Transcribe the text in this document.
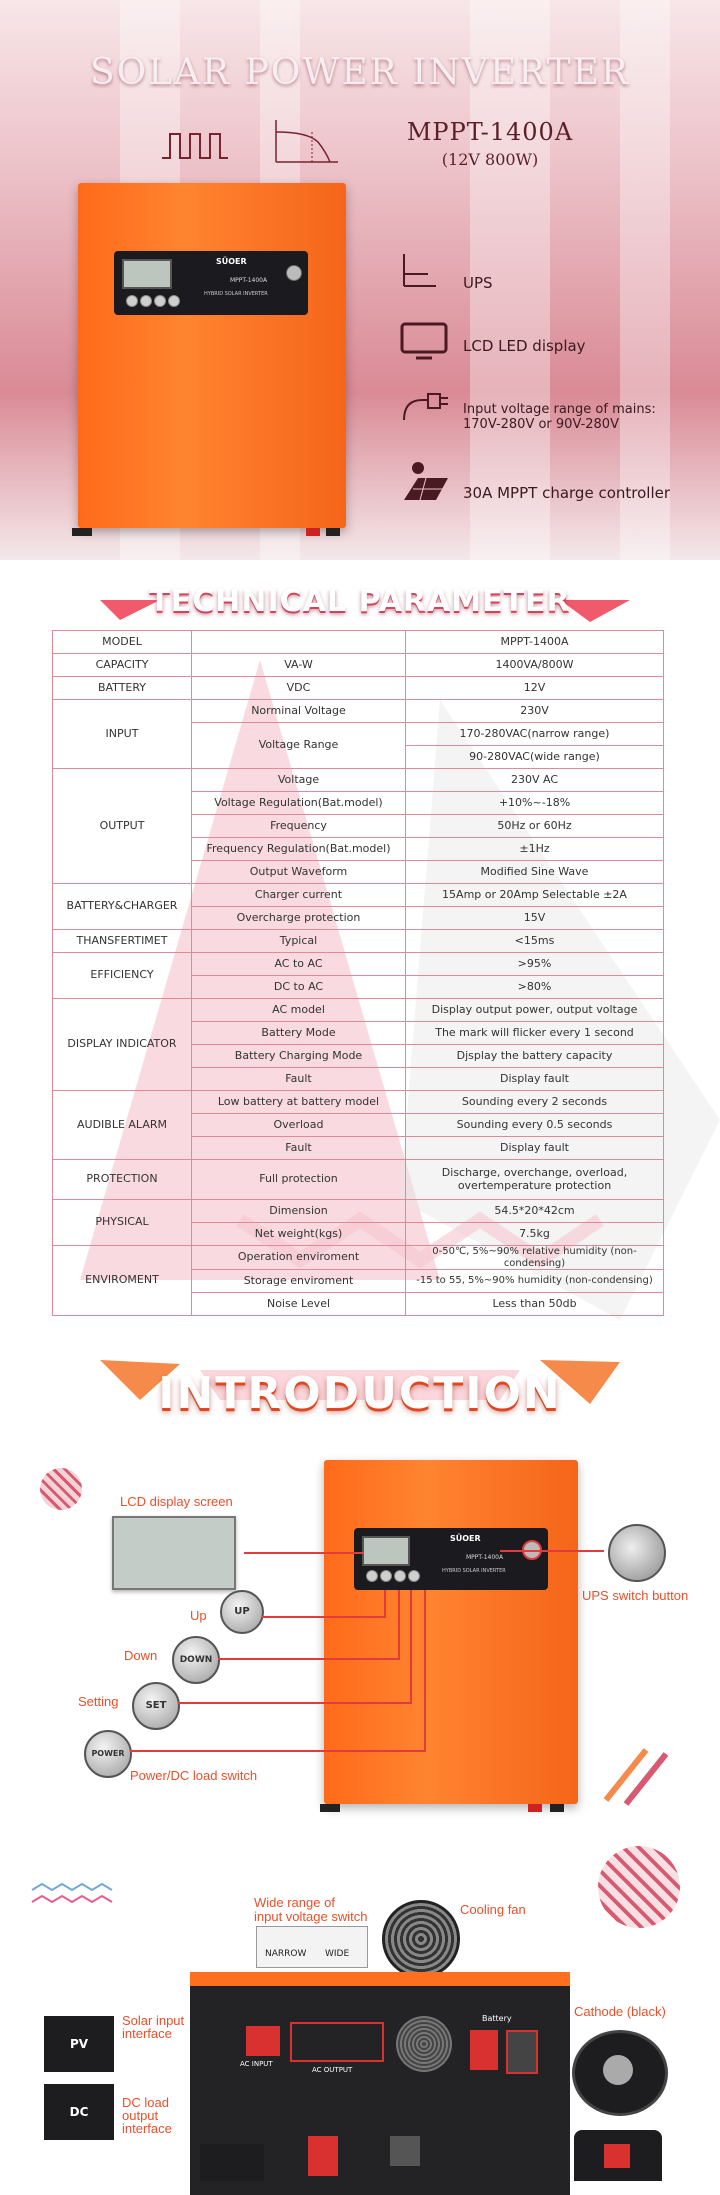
SOLAR POWER INVERTER
MPPT-1400A
(12V 800W)
SÜOER
MPPT-1400A
HYBRID SOLAR INVERTER
UPS
LCD LED display
Input voltage range of mains:
170V-280V or 90V-280V
30A MPPT charge controller
TECHNICAL PARAMETER
MODEL		MPPT-1400A
CAPACITY	VA-W	1400VA/800W
BATTERY	VDC	12V
INPUT	Norminal Voltage	230V
	Voltage Range	170-280VAC(narrow range)
		90-280VAC(wide range)
OUTPUT	Voltage	230V AC
	Voltage Regulation(Bat.model)	+10%~-18%
	Frequency	50Hz or 60Hz
	Frequency Regulation(Bat.model)	±1Hz
	Output Waveform	Modified Sine Wave
BATTERY&CHARGER	Charger current	15Amp or 20Amp Selectable ±2A
	Overcharge protection	15V
THANSFERTIMET	Typical	<15ms
EFFICIENCY	AC to AC	>95%
	DC to AC	>80%
DISPLAY INDICATOR	AC model	Display output power, output voltage
	Battery Mode	The mark will flicker every 1 second
	Battery Charging Mode	Djsplay the battery capacity
	Fault	Display fault
AUDIBLE ALARM	Low battery at battery model	Sounding every 2 seconds
	Overload	Sounding every 0.5 seconds
	Fault	Display fault
PROTECTION	Full protection	Discharge, overchange, overload,
overtemperature protection
PHYSICAL	Dimension	54.5*20*42cm
	Net weight(kgs)	7.5kg
ENVIROMENT	Operation enviroment	0-50℃, 5%~90% relative humidity (non-condensing)
	Storage enviroment	-15 to 55, 5%~90% humidity (non-condensing)
	Noise Level	Less than 50db
INTRODUCTION
SÜOER
MPPT-1400A
HYBRID SOLAR INVERTER
LCD display screen
UPS switch button
Up	UP
Down	DOWN
Setting	SET
POWER
Power/DC load switch
Wide range of
input voltage switch
NARROW WIDE
Cooling fan
AC INPUT
AC OUTPUT
Battery
Solar input
interface
PV
DC load
output
interface
DC
Cathode (black)
